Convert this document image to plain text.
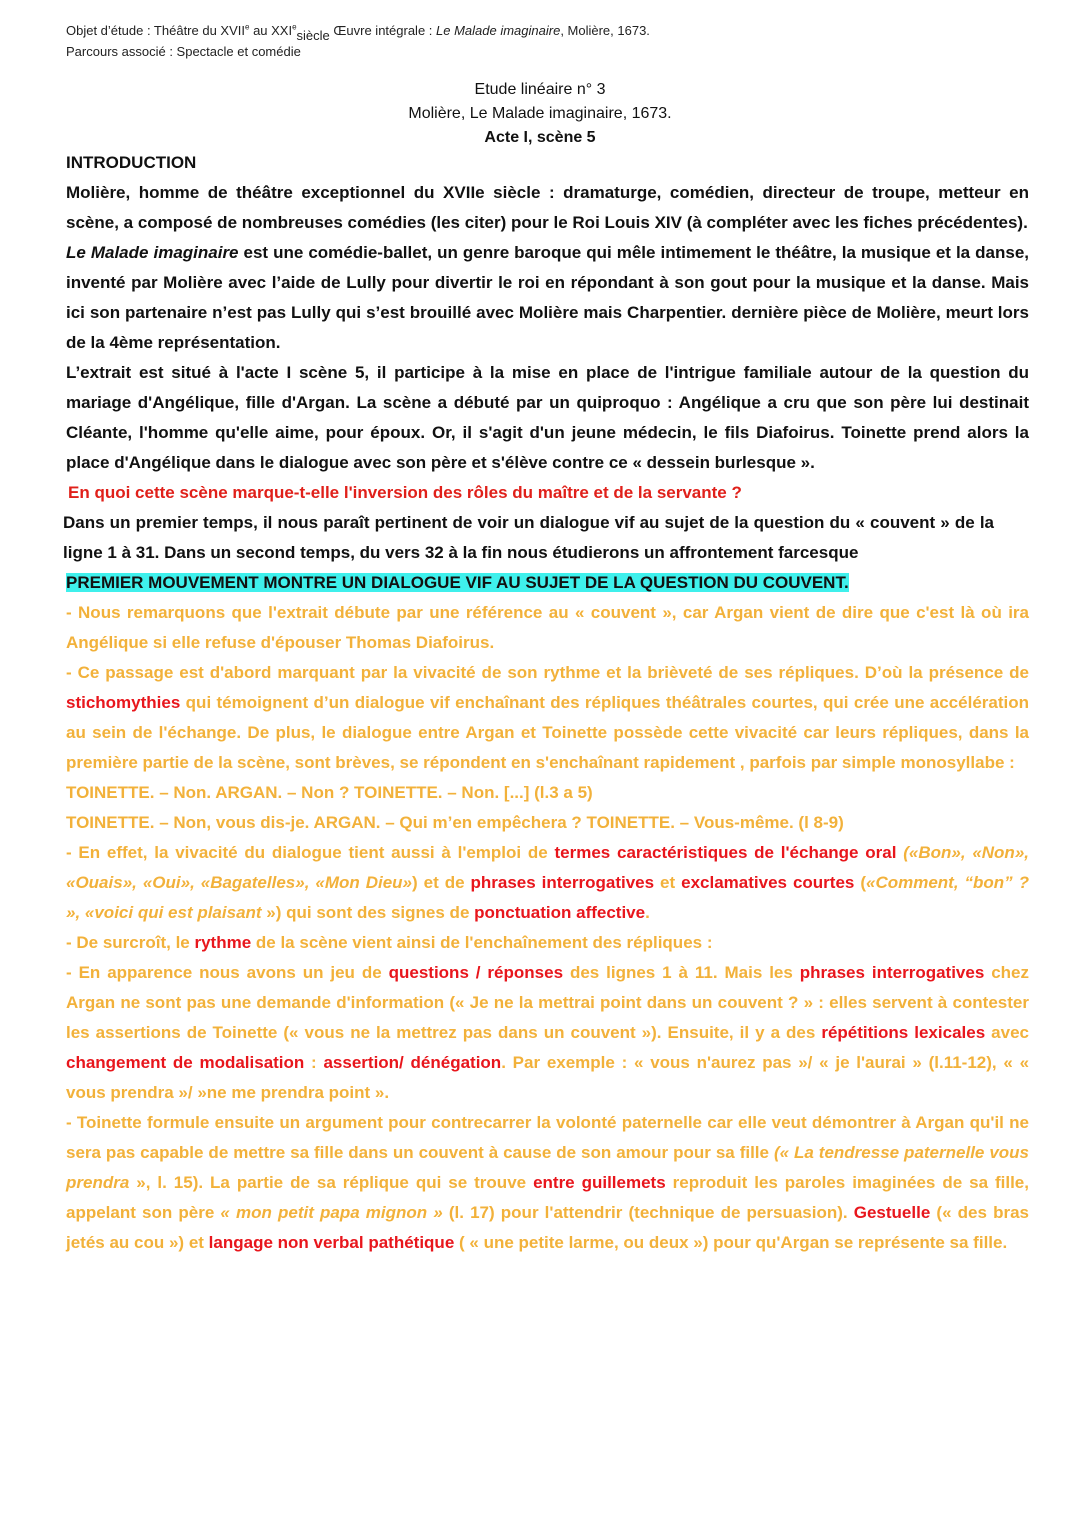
Objet d’étude : Théâtre du XVIIe au XXIesiècle Œuvre intégrale : Le Malade imaginaire, Molière, 1673.
Parcours associé : Spectacle et comédie
Etude linéaire n° 3
Molière, Le Malade imaginaire, 1673.
Acte I, scène 5

INTRODUCTION

Molière, homme de théâtre exceptionnel du XVIIe siècle : dramaturge, comédien, directeur de troupe, metteur en scène, a composé de nombreuses comédies (les citer) pour le Roi Louis XIV (à compléter avec les fiches précédentes).

Le Malade imaginaire est une comédie-ballet, un genre baroque qui mêle intimement le théâtre, la musique et la danse, inventé par Molière avec l’aide de Lully pour divertir le roi en répondant à son gout pour la musique et la danse. Mais ici son partenaire n’est pas Lully qui s’est brouillé avec Molière mais Charpentier. dernière pièce de Molière, meurt lors de la 4ème représentation.

L’extrait est situé à l'acte I scène 5, il participe à la mise en place de l'intrigue familiale autour de la question du mariage d'Angélique, fille d'Argan. La scène a débuté par un quiproquo : Angélique a cru que son père lui destinait Cléante, l'homme qu'elle aime, pour époux. Or, il s'agit d'un jeune médecin, le fils Diafoirus. Toinette prend alors la place d'Angélique dans le dialogue avec son père et s'élève contre ce « dessein burlesque ».

En quoi cette scène marque-t-elle l'inversion des rôles du maître et de la servante ?

Dans un premier temps, il nous paraît pertinent de voir un dialogue vif au sujet de la question du « couvent » de la ligne 1 à 31. Dans un second temps, du vers 32 à la fin nous étudierons un affrontement farcesque

PREMIER MOUVEMENT MONTRE UN DIALOGUE VIF AU SUJET DE LA QUESTION DU COUVENT.

- Nous remarquons que l'extrait débute par une référence au « couvent », car Argan vient de dire que c'est là où ira Angélique si elle refuse d'épouser Thomas Diafoirus.

- Ce passage est d'abord marquant par la vivacité de son rythme et la brièveté de ses répliques. D’où la présence de stichomythies qui témoignent d’un dialogue vif enchaînant des répliques théâtrales courtes, qui crée une accélération au sein de l'échange. De plus, le dialogue entre Argan et Toinette possède cette vivacité car leurs répliques, dans la première partie de la scène, sont brèves, se répondent en s'enchaînant rapidement , parfois par simple monosyllabe :

TOINETTE. – Non. ARGAN. – Non ? TOINETTE. – Non. [...] (l.3 a 5)

TOINETTE. – Non, vous dis-je. ARGAN. – Qui m’en empêchera ? TOINETTE. – Vous-même. (l 8-9)

- En effet, la vivacité du dialogue tient aussi à l'emploi de termes caractéristiques de l'échange oral («Bon», «Non», «Ouais», «Oui», «Bagatelles», «Mon Dieu») et de phrases interrogatives et exclamatives courtes («Comment, “bon” ? », «voici qui est plaisant ») qui sont des signes de ponctuation affective.

- De surcroît, le rythme de la scène vient ainsi de l'enchaînement des répliques :

- En apparence nous avons un jeu de questions / réponses des lignes 1 à 11. Mais les phrases interrogatives chez Argan ne sont pas une demande d'information (« Je ne la mettrai point dans un couvent ? » : elles servent à contester les assertions de Toinette (« vous ne la mettrez pas dans un couvent »). Ensuite, il y a des répétitions lexicales avec changement de modalisation : assertion/ dénégation. Par exemple : « vous n'aurez pas »/ « je l'aurai » (l.11-12), « « vous prendra »/ »ne me prendra point ».

- Toinette formule ensuite un argument pour contrecarrer la volonté paternelle car elle veut démontrer à Argan qu'il ne sera pas capable de mettre sa fille dans un couvent à cause de son amour pour sa fille (« La tendresse paternelle vous prendra », l. 15). La partie de sa réplique qui se trouve entre guillemets reproduit les paroles imaginées de sa fille, appelant son père « mon petit papa mignon » (l. 17) pour l'attendrir (technique de persuasion). Gestuelle (« des bras jetés au cou ») et langage non verbal pathétique ( « une petite larme, ou deux ») pour qu'Argan se représente sa fille.
